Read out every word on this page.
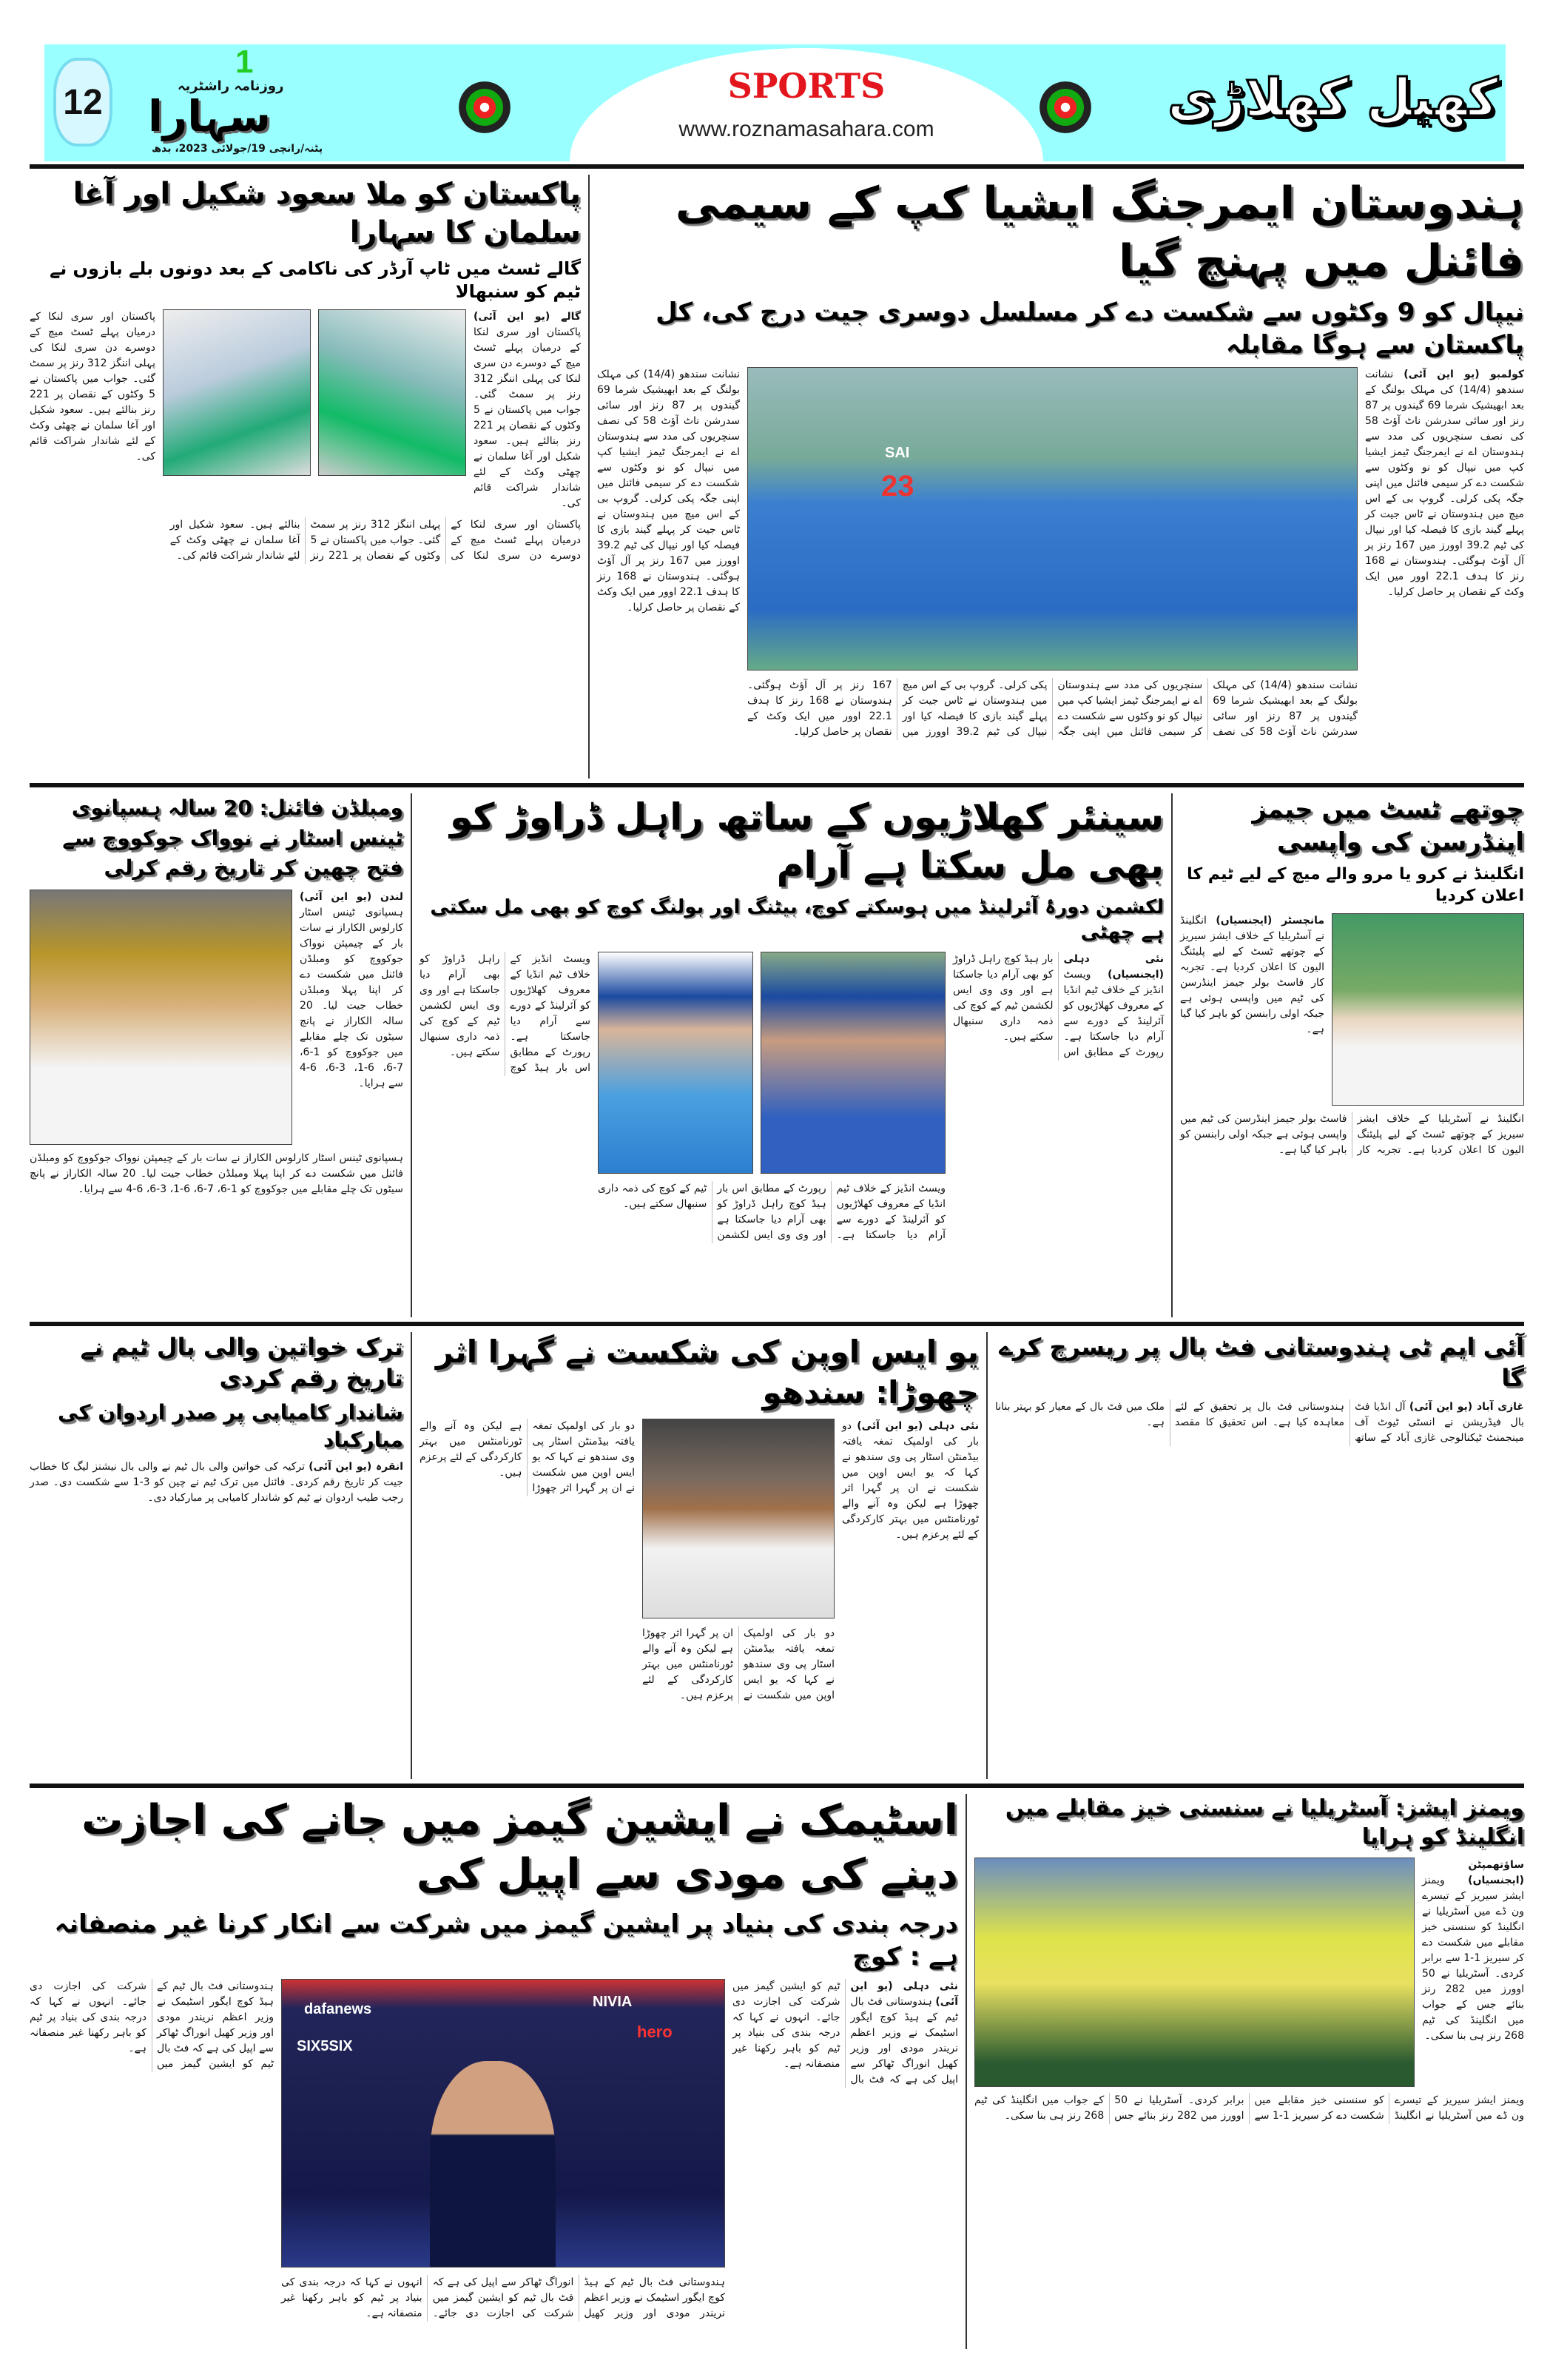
SPORTS
www.roznamasahara.com
12
1
روزنامہ راشٹریہ
سہارا
پٹنہ/رانچی 19/جولائی 2023، بدھ
کھیل کھلاڑی
ہندوستان ایمرجنگ ایشیا کپ کے سیمی فائنل میں پہنچ گیا
نیپال کو 9 وکٹوں سے شکست دے کر مسلسل دوسری جیت درج کی، کل پاکستان سے ہوگا مقابلہ
کولمبو (یو این آئی) نشانت سندھو (14/4) کی مہلک بولنگ کے بعد ابھیشیک شرما 69 گیندوں پر 87 رنز اور سائی سدرشن ناٹ آؤٹ 58 کی نصف سنچریوں کی مدد سے ہندوستان اے نے ایمرجنگ ٹیمز ایشیا کپ میں نیپال کو نو وکٹوں سے شکست دے کر سیمی فائنل میں اپنی جگہ پکی کرلی۔ گروپ بی کے اس میچ میں ہندوستان نے ٹاس جیت کر پہلے گیند بازی کا فیصلہ کیا اور نیپال کی ٹیم 39.2 اوورز میں 167 رنز پر آل آؤٹ ہوگئی۔ ہندوستان نے 168 رنز کا ہدف 22.1 اوور میں ایک وکٹ کے نقصان پر حاصل کرلیا۔
SAI
23
نشانت سندھو (14/4) کی مہلک بولنگ کے بعد ابھیشیک شرما 69 گیندوں پر 87 رنز اور سائی سدرشن ناٹ آؤٹ 58 کی نصف سنچریوں کی مدد سے ہندوستان اے نے ایمرجنگ ٹیمز ایشیا کپ میں نیپال کو نو وکٹوں سے شکست دے کر سیمی فائنل میں اپنی جگہ پکی کرلی۔ گروپ بی کے اس میچ میں ہندوستان نے ٹاس جیت کر پہلے گیند بازی کا فیصلہ کیا اور نیپال کی ٹیم 39.2 اوورز میں 167 رنز پر آل آؤٹ ہوگئی۔ ہندوستان نے 168 رنز کا ہدف 22.1 اوور میں ایک وکٹ کے نقصان پر حاصل کرلیا۔
نشانت سندھو (14/4) کی مہلک بولنگ کے بعد ابھیشیک شرما 69 گیندوں پر 87 رنز اور سائی سدرشن ناٹ آؤٹ 58 کی نصف سنچریوں کی مدد سے ہندوستان اے نے ایمرجنگ ٹیمز ایشیا کپ میں نیپال کو نو وکٹوں سے شکست دے کر سیمی فائنل میں اپنی جگہ پکی کرلی۔ گروپ بی کے اس میچ میں ہندوستان نے ٹاس جیت کر پہلے گیند بازی کا فیصلہ کیا اور نیپال کی ٹیم 39.2 اوورز میں 167 رنز پر آل آؤٹ ہوگئی۔ ہندوستان نے 168 رنز کا ہدف 22.1 اوور میں ایک وکٹ کے نقصان پر حاصل کرلیا۔
پاکستان کو ملا سعود شکیل اور آغا سلمان کا سہارا
گالے ٹسٹ میں ٹاپ آرڈر کی ناکامی کے بعد دونوں بلے بازوں نے ٹیم کو سنبھالا
گالے (یو این آئی) پاکستان اور سری لنکا کے درمیان پہلے ٹسٹ میچ کے دوسرے دن سری لنکا کی پہلی اننگز 312 رنز پر سمٹ گئی۔ جواب میں پاکستان نے 5 وکٹوں کے نقصان پر 221 رنز بنالئے ہیں۔ سعود شکیل اور آغا سلمان نے چھٹی وکٹ کے لئے شاندار شراکت قائم کی۔
پاکستان اور سری لنکا کے درمیان پہلے ٹسٹ میچ کے دوسرے دن سری لنکا کی پہلی اننگز 312 رنز پر سمٹ گئی۔ جواب میں پاکستان نے 5 وکٹوں کے نقصان پر 221 رنز بنالئے ہیں۔ سعود شکیل اور آغا سلمان نے چھٹی وکٹ کے لئے شاندار شراکت قائم کی۔
پاکستان اور سری لنکا کے درمیان پہلے ٹسٹ میچ کے دوسرے دن سری لنکا کی پہلی اننگز 312 رنز پر سمٹ گئی۔ جواب میں پاکستان نے 5 وکٹوں کے نقصان پر 221 رنز بنالئے ہیں۔ سعود شکیل اور آغا سلمان نے چھٹی وکٹ کے لئے شاندار شراکت قائم کی۔
چوتھے ٹسٹ میں جیمز اینڈرسن کی واپسی
انگلینڈ نے کرو یا مرو والے میچ کے لیے ٹیم کا اعلان کردیا
مانچسٹر (ایجنسیاں) انگلینڈ نے آسٹریلیا کے خلاف ایشز سیریز کے چوتھے ٹسٹ کے لیے پلیئنگ الیون کا اعلان کردیا ہے۔ تجربہ کار فاسٹ بولر جیمز اینڈرسن کی ٹیم میں واپسی ہوئی ہے جبکہ اولی رابنسن کو باہر کیا گیا ہے۔
انگلینڈ نے آسٹریلیا کے خلاف ایشز سیریز کے چوتھے ٹسٹ کے لیے پلیئنگ الیون کا اعلان کردیا ہے۔ تجربہ کار فاسٹ بولر جیمز اینڈرسن کی ٹیم میں واپسی ہوئی ہے جبکہ اولی رابنسن کو باہر کیا گیا ہے۔
سینئر کھلاڑیوں کے ساتھ راہل ڈراوڑ کو بھی مل سکتا ہے آرام
لکشمن دورۂ آئرلینڈ میں ہوسکتے کوچ، بیٹنگ اور بولنگ کوچ کو بھی مل سکتی ہے چھٹی
نئی دہلی (ایجنسیاں) ویسٹ انڈیز کے خلاف ٹیم انڈیا کے معروف کھلاڑیوں کو آئرلینڈ کے دورے سے آرام دیا جاسکتا ہے۔ رپورٹ کے مطابق اس بار ہیڈ کوچ راہل ڈراوڑ کو بھی آرام دیا جاسکتا ہے اور وی وی ایس لکشمن ٹیم کے کوچ کی ذمہ داری سنبھال سکتے ہیں۔
ویسٹ انڈیز کے خلاف ٹیم انڈیا کے معروف کھلاڑیوں کو آئرلینڈ کے دورے سے آرام دیا جاسکتا ہے۔ رپورٹ کے مطابق اس بار ہیڈ کوچ راہل ڈراوڑ کو بھی آرام دیا جاسکتا ہے اور وی وی ایس لکشمن ٹیم کے کوچ کی ذمہ داری سنبھال سکتے ہیں۔
ویسٹ انڈیز کے خلاف ٹیم انڈیا کے معروف کھلاڑیوں کو آئرلینڈ کے دورے سے آرام دیا جاسکتا ہے۔ رپورٹ کے مطابق اس بار ہیڈ کوچ راہل ڈراوڑ کو بھی آرام دیا جاسکتا ہے اور وی وی ایس لکشمن ٹیم کے کوچ کی ذمہ داری سنبھال سکتے ہیں۔
ومبلڈن فائنل: 20 سالہ ہسپانوی ٹینس اسٹار نے نوواک جوکووچ سے فتح چھین کر تاریخ رقم کرلی
لندن (یو این آئی) ہسپانوی ٹینس اسٹار کارلوس الکاراز نے سات بار کے چیمپئن نوواک جوکووچ کو ومبلڈن فائنل میں شکست دے کر اپنا پہلا ومبلڈن خطاب جیت لیا۔ 20 سالہ الکاراز نے پانچ سیٹوں تک چلے مقابلے میں جوکووچ کو 1-6، 7-6، 6-1، 3-6، 6-4 سے ہرایا۔
ہسپانوی ٹینس اسٹار کارلوس الکاراز نے سات بار کے چیمپئن نوواک جوکووچ کو ومبلڈن فائنل میں شکست دے کر اپنا پہلا ومبلڈن خطاب جیت لیا۔ 20 سالہ الکاراز نے پانچ سیٹوں تک چلے مقابلے میں جوکووچ کو 1-6، 7-6، 6-1، 3-6، 6-4 سے ہرایا۔
آئی ایم ٹی ہندوستانی فٹ بال پر ریسرچ کرے گا
غازی آباد (یو این آئی) آل انڈیا فٹ بال فیڈریشن نے انسٹی ٹیوٹ آف مینجمنٹ ٹیکنالوجی غازی آباد کے ساتھ ہندوستانی فٹ بال پر تحقیق کے لئے معاہدہ کیا ہے۔ اس تحقیق کا مقصد ملک میں فٹ بال کے معیار کو بہتر بنانا ہے۔
یو ایس اوپن کی شکست نے گہرا اثر چھوڑا: سندھو
نئی دہلی (یو این آئی) دو بار کی اولمپک تمغہ یافتہ بیڈمنٹن اسٹار پی وی سندھو نے کہا کہ یو ایس اوپن میں شکست نے ان پر گہرا اثر چھوڑا ہے لیکن وہ آنے والے ٹورنامنٹس میں بہتر کارکردگی کے لئے پرعزم ہیں۔
دو بار کی اولمپک تمغہ یافتہ بیڈمنٹن اسٹار پی وی سندھو نے کہا کہ یو ایس اوپن میں شکست نے ان پر گہرا اثر چھوڑا ہے لیکن وہ آنے والے ٹورنامنٹس میں بہتر کارکردگی کے لئے پرعزم ہیں۔
دو بار کی اولمپک تمغہ یافتہ بیڈمنٹن اسٹار پی وی سندھو نے کہا کہ یو ایس اوپن میں شکست نے ان پر گہرا اثر چھوڑا ہے لیکن وہ آنے والے ٹورنامنٹس میں بہتر کارکردگی کے لئے پرعزم ہیں۔
ترک خواتین والی بال ٹیم نے تاریخ رقم کردی
شاندار کامیابی پر صدر اردوان کی مبارکباد
انقرہ (یو این آئی) ترکیہ کی خواتین والی بال ٹیم نے والی بال نیشنز لیگ کا خطاب جیت کر تاریخ رقم کردی۔ فائنل میں ترک ٹیم نے چین کو 3-1 سے شکست دی۔ صدر رجب طیب اردوان نے ٹیم کو شاندار کامیابی پر مبارکباد دی۔
ویمنز ایشز: آسٹریلیا نے سنسنی خیز مقابلے میں انگلینڈ کو ہرایا
ساؤتھمپٹن (ایجنسیاں) ویمنز ایشز سیریز کے تیسرے ون ڈے میں آسٹریلیا نے انگلینڈ کو سنسنی خیز مقابلے میں شکست دے کر سیریز 1-1 سے برابر کردی۔ آسٹریلیا نے 50 اوورز میں 282 رنز بنائے جس کے جواب میں انگلینڈ کی ٹیم 268 رنز ہی بنا سکی۔
ویمنز ایشز سیریز کے تیسرے ون ڈے میں آسٹریلیا نے انگلینڈ کو سنسنی خیز مقابلے میں شکست دے کر سیریز 1-1 سے برابر کردی۔ آسٹریلیا نے 50 اوورز میں 282 رنز بنائے جس کے جواب میں انگلینڈ کی ٹیم 268 رنز ہی بنا سکی۔
اسٹیمک نے ایشین گیمز میں جانے کی اجازت دینے کی مودی سے اپیل کی
درجہ بندی کی بنیاد پر ایشین گیمز میں شرکت سے انکار کرنا غیر منصفانہ ہے : کوچ
نئی دہلی (یو این آئی) ہندوستانی فٹ بال ٹیم کے ہیڈ کوچ ایگور اسٹیمک نے وزیر اعظم نریندر مودی اور وزیر کھیل انوراگ ٹھاکر سے اپیل کی ہے کہ فٹ بال ٹیم کو ایشین گیمز میں شرکت کی اجازت دی جائے۔ انہوں نے کہا کہ درجہ بندی کی بنیاد پر ٹیم کو باہر رکھنا غیر منصفانہ ہے۔
dafanews
SIX5SIX
hero
NIVIA
ہندوستانی فٹ بال ٹیم کے ہیڈ کوچ ایگور اسٹیمک نے وزیر اعظم نریندر مودی اور وزیر کھیل انوراگ ٹھاکر سے اپیل کی ہے کہ فٹ بال ٹیم کو ایشین گیمز میں شرکت کی اجازت دی جائے۔ انہوں نے کہا کہ درجہ بندی کی بنیاد پر ٹیم کو باہر رکھنا غیر منصفانہ ہے۔
ہندوستانی فٹ بال ٹیم کے ہیڈ کوچ ایگور اسٹیمک نے وزیر اعظم نریندر مودی اور وزیر کھیل انوراگ ٹھاکر سے اپیل کی ہے کہ فٹ بال ٹیم کو ایشین گیمز میں شرکت کی اجازت دی جائے۔ انہوں نے کہا کہ درجہ بندی کی بنیاد پر ٹیم کو باہر رکھنا غیر منصفانہ ہے۔
